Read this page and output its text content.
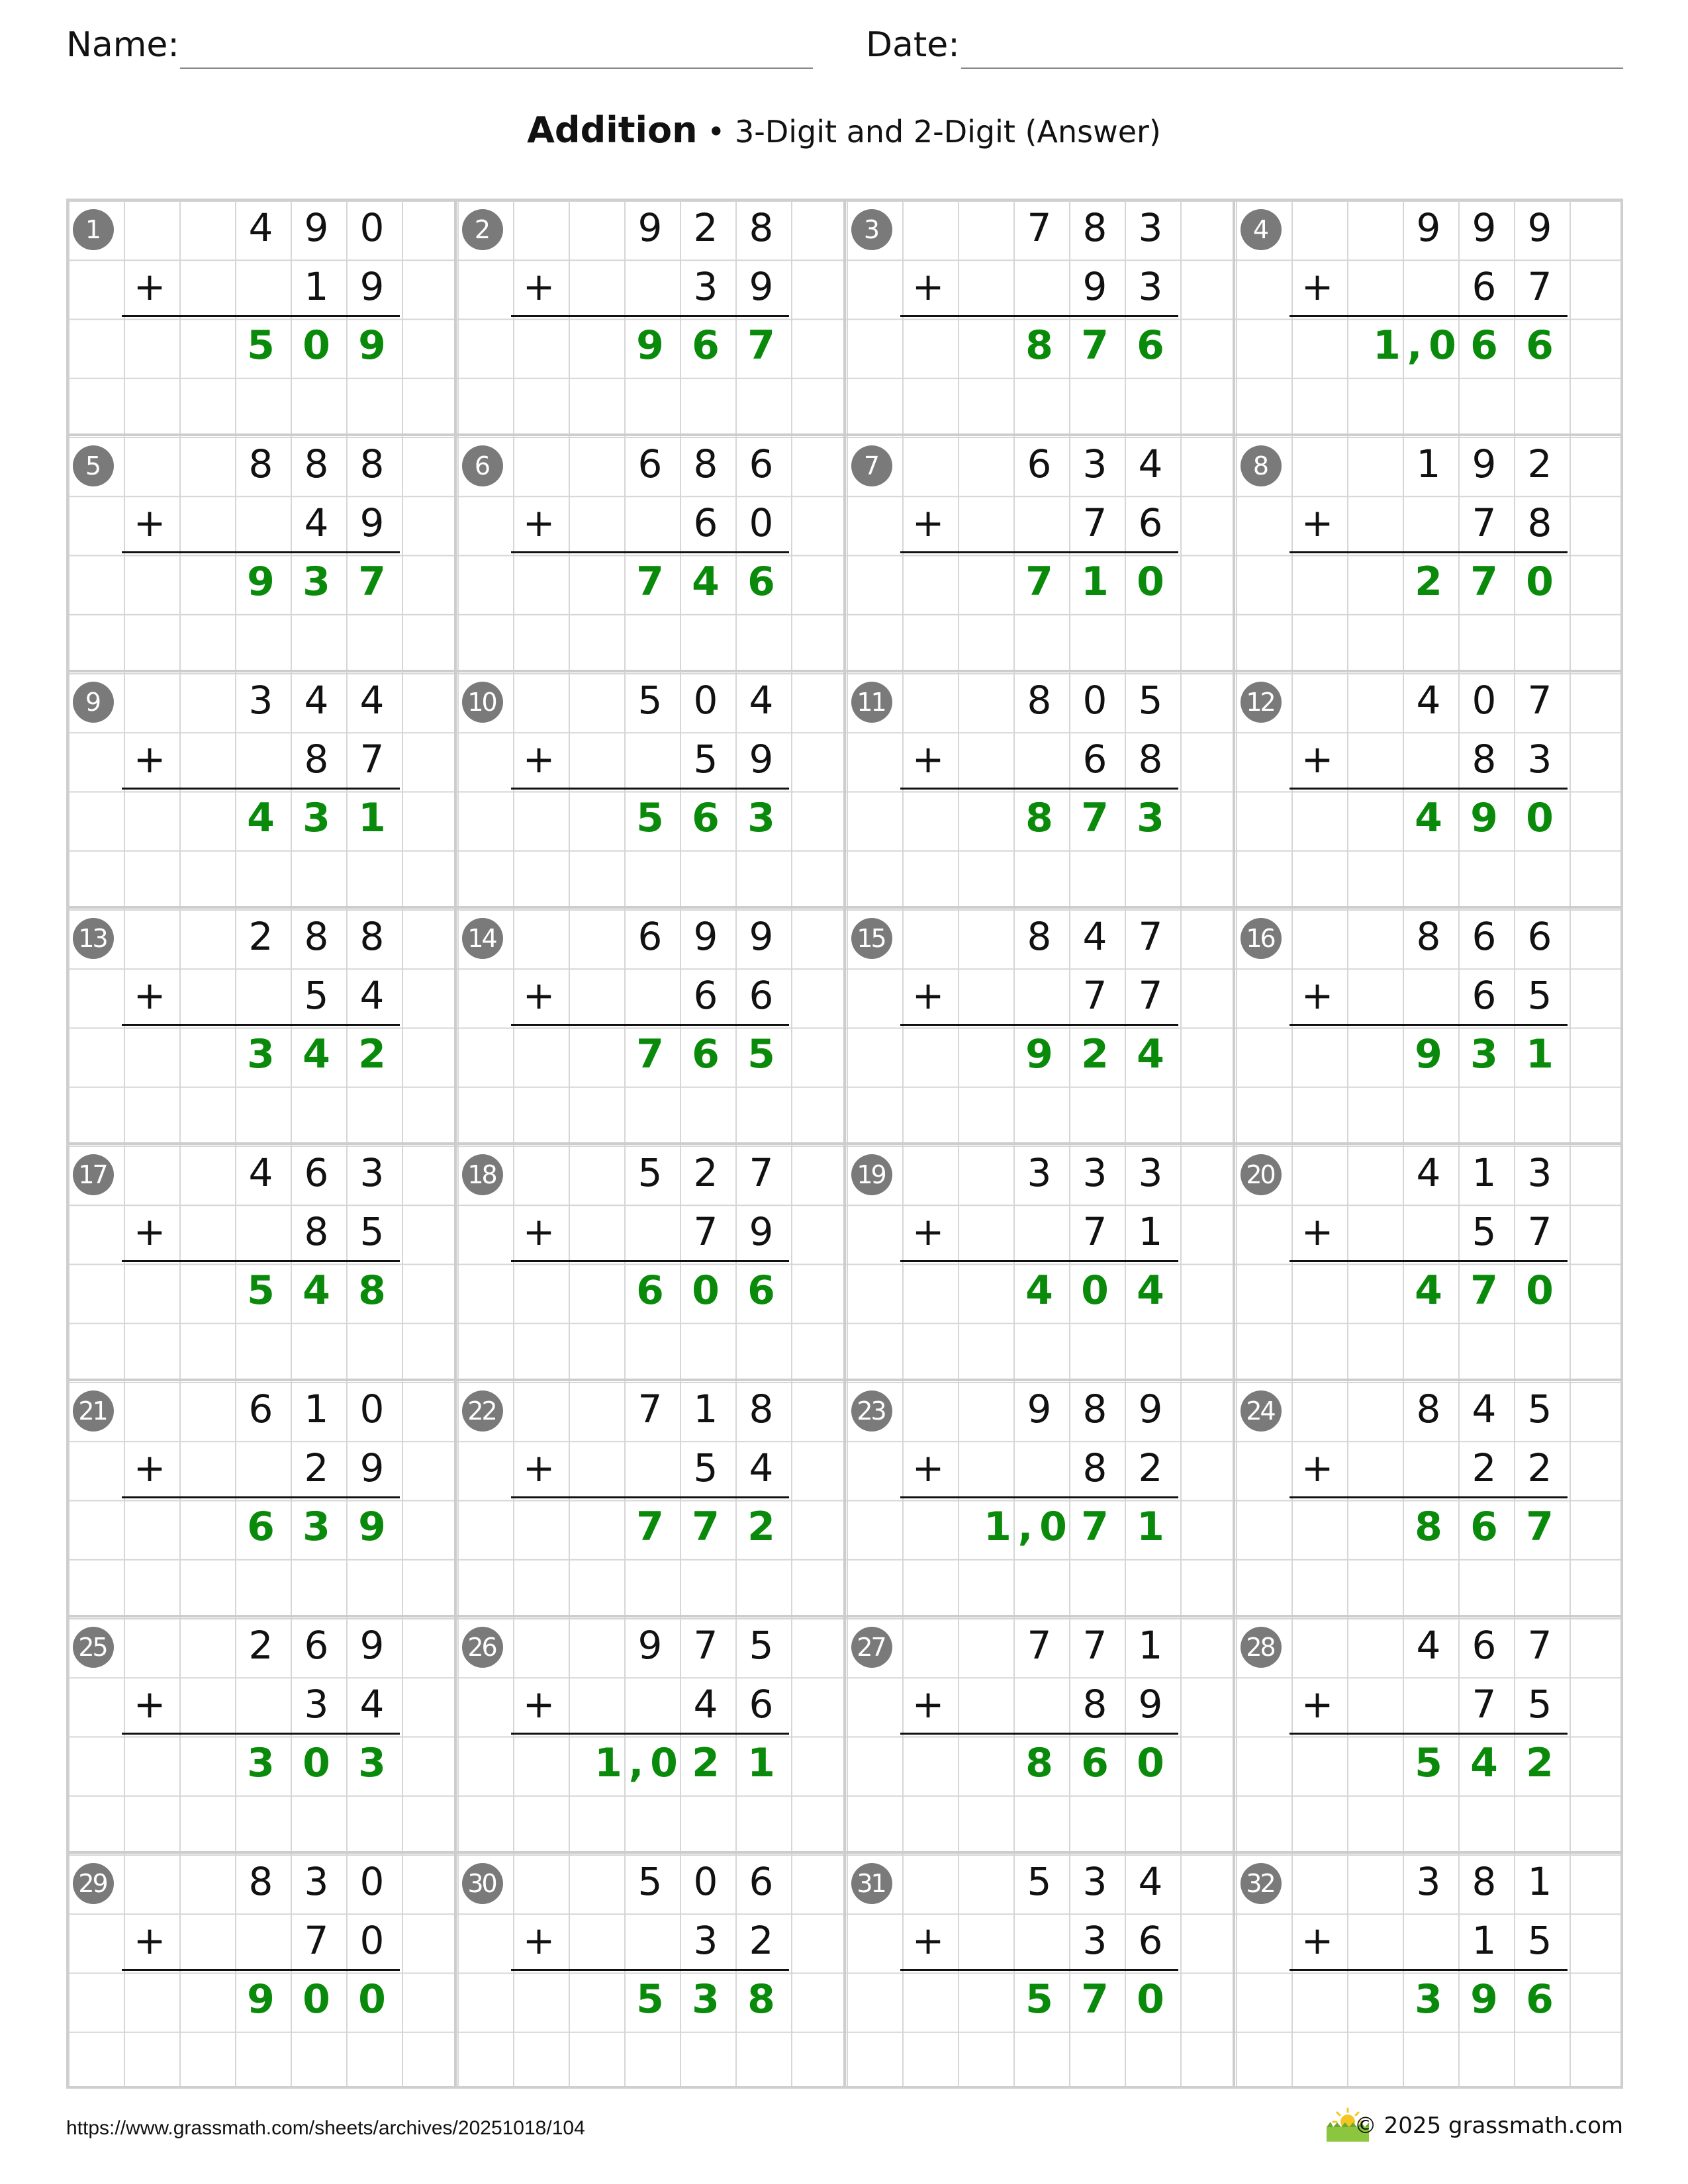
Name:	Date:
Addition • 3-Digit and 2-Digit (Answer)
1	4 9 0
+	1 9
5 0 9
2	9 2 8
+	3 9
9 6 7
3	7 8 3
+	9 3
8 7 6
4	9 9 9
+	6 7
1 , 0 6 6
5	8 8 8
+	4 9
9 3 7
6	6 8 6
+	6 0
7 4 6
7	6 3 4
+	7 6
7 1 0
8	1 9 2
+	7 8
2 7 0
9	3 4 4
+	8 7
4 3 1
10	5 0 4
+	5 9
5 6 3
11	8 0 5
+	6 8
8 7 3
12	4 0 7
+	8 3
4 9 0
13	2 8 8
+	5 4
3 4 2
14	6 9 9
+	6 6
7 6 5
15	8 4 7
+	7 7
9 2 4
16	8 6 6
+	6 5
9 3 1
17	4 6 3
+	8 5
5 4 8
18	5 2 7
+	7 9
6 0 6
19	3 3 3
+	7 1
4 0 4
20	4 1 3
+	5 7
4 7 0
21	6 1 0
+	2 9
6 3 9
22	7 1 8
+	5 4
7 7 2
23	9 8 9
+	8 2
1 , 0 7 1
24	8 4 5
+	2 2
8 6 7
25	2 6 9
+	3 4
3 0 3
26	9 7 5
+	4 6
1 , 0 2 1
27	7 7 1
+	8 9
8 6 0
28	4 6 7
+	7 5
5 4 2
29	8 3 0
+	7 0
9 0 0
30	5 0 6
+	3 2
5 3 8
31	5 3 4
+	3 6
5 7 0
32	3 8 1
+	1 5
3 9 6
https://www.grassmath.com/sheets/archives/20251018/104	© 2025 grassmath.com
